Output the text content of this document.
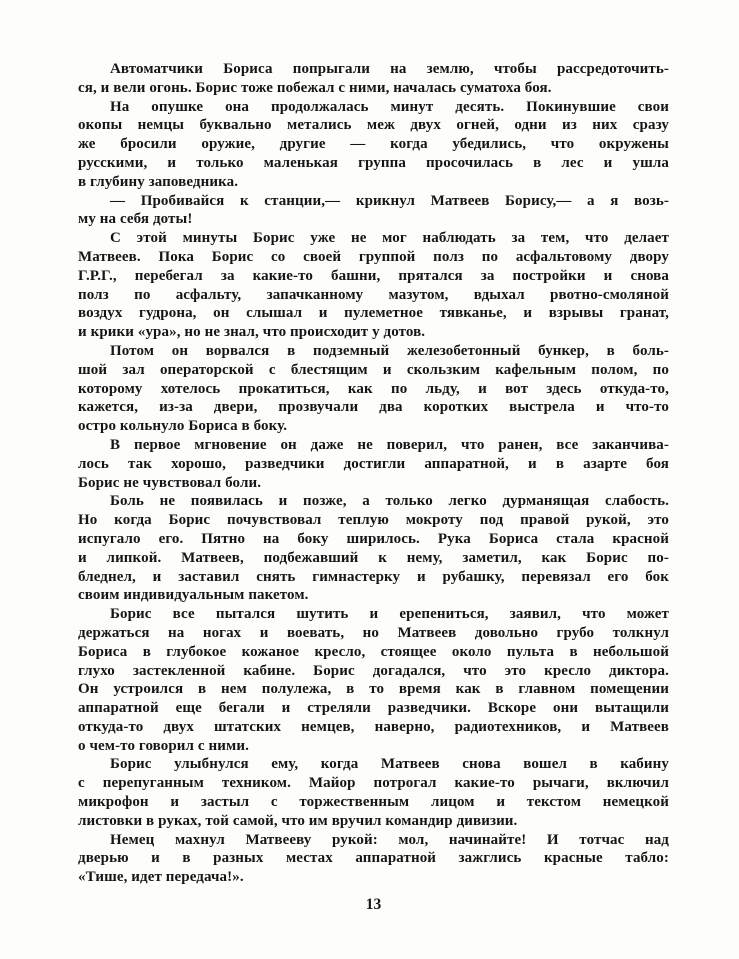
Автоматчики Бориса попрыгали на землю, чтобы рассредоточить-
ся, и вели огонь. Борис тоже побежал с ними, началась суматоха боя.
На опушке она продолжалась минут десять. Покинувшие свои
окопы немцы буквально метались меж двух огней, одни из них сразу
же бросили оружие, другие — когда убедились, что окружены
русскими, и только маленькая группа просочилась в лес и ушла
в глубину заповедника.
— Пробивайся к станции,— крикнул Матвеев Борису,— а я возь-
му на себя доты!
С этой минуты Борис уже не мог наблюдать за тем, что делает
Матвеев. Пока Борис со своей группой полз по асфальтовому двору
Г.Р.Г., перебегал за какие-то башни, прятался за постройки и снова
полз по асфальту, запачканному мазутом, вдыхал рвотно-смоляной
воздух гудрона, он слышал и пулеметное тявканье, и взрывы гранат,
и крики «ура», но не знал, что происходит у дотов.
Потом он ворвался в подземный железобетонный бункер, в боль-
шой зал операторской с блестящим и скользким кафельным полом, по
которому хотелось прокатиться, как по льду, и вот здесь откуда-то,
кажется, из-за двери, прозвучали два коротких выстрела и что-то
остро кольнуло Бориса в боку.
В первое мгновение он даже не поверил, что ранен, все заканчива-
лось так хорошо, разведчики достигли аппаратной, и в азарте боя
Борис не чувствовал боли.
Боль не появилась и позже, а только легко дурманящая слабость.
Но когда Борис почувствовал теплую мокроту под правой рукой, это
испугало его. Пятно на боку ширилось. Рука Бориса стала красной
и липкой. Матвеев, подбежавший к нему, заметил, как Борис по-
бледнел, и заставил снять гимнастерку и рубашку, перевязал его бок
своим индивидуальным пакетом.
Борис все пытался шутить и ерепениться, заявил, что может
держаться на ногах и воевать, но Матвеев довольно грубо толкнул
Бориса в глубокое кожаное кресло, стоящее около пульта в небольшой
глухо застекленной кабине. Борис догадался, что это кресло диктора.
Он устроился в нем полулежа, в то время как в главном помещении
аппаратной еще бегали и стреляли разведчики. Вскоре они вытащили
откуда-то двух штатских немцев, наверно, радиотехников, и Матвеев
о чем-то говорил с ними.
Борис улыбнулся ему, когда Матвеев снова вошел в кабину
с перепуганным техником. Майор потрогал какие-то рычаги, включил
микрофон и застыл с торжественным лицом и текстом немецкой
листовки в руках, той самой, что им вручил командир дивизии.
Немец махнул Матвееву рукой: мол, начинайте! И тотчас над
дверью и в разных местах аппаратной зажглись красные табло:
«Тише, идет передача!».
13
